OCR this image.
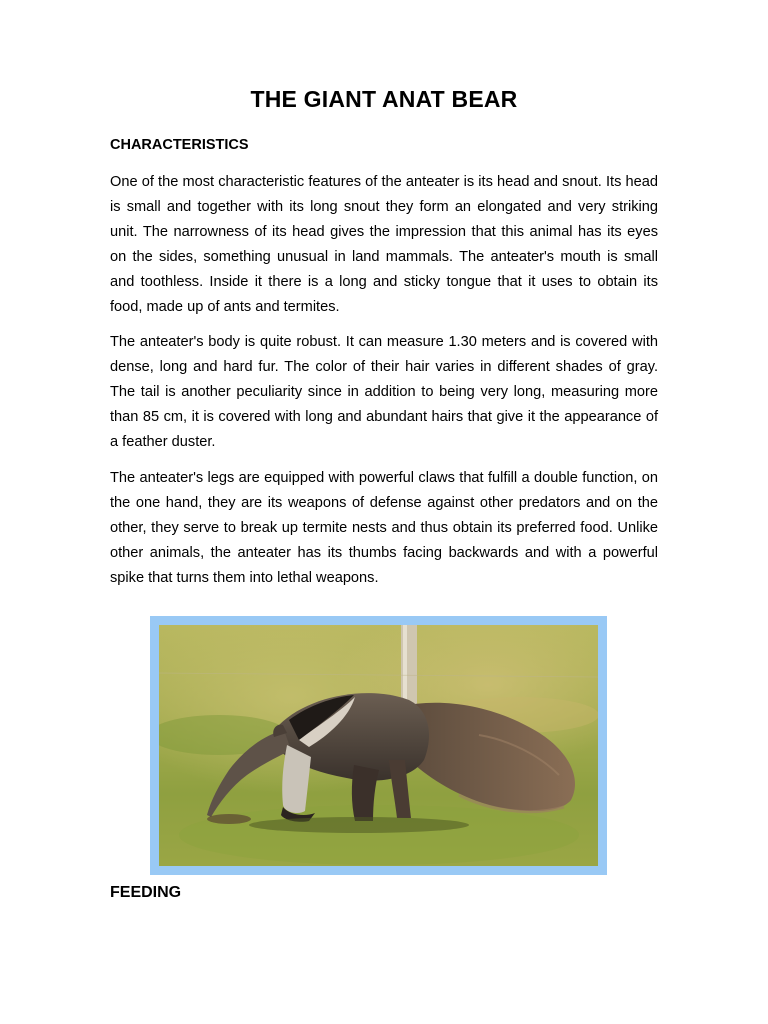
THE GIANT ANAT BEAR
CHARACTERISTICS

One of the most characteristic features of the anteater is its head and snout. Its head is small and together with its long snout they form an elongated and very striking unit. The narrowness of its head gives the impression that this animal has its eyes on the sides, something unusual in land mammals. The anteater's mouth is small and toothless. Inside it there is a long and sticky tongue that it uses to obtain its food, made up of ants and termites.

The anteater's body is quite robust. It can measure 1.30 meters and is covered with dense, long and hard fur. The color of their hair varies in different shades of gray. The tail is another peculiarity since in addition to being very long, measuring more than 85 cm, it is covered with long and abundant hairs that give it the appearance of a feather duster.

The anteater's legs are equipped with powerful claws that fulfill a double function, on the one hand, they are its weapons of defense against other predators and on the other, they serve to break up termite nests and thus obtain its preferred food. Unlike other animals, the anteater has its thumbs facing backwards and with a powerful spike that turns them into lethal weapons.

FEEDING
